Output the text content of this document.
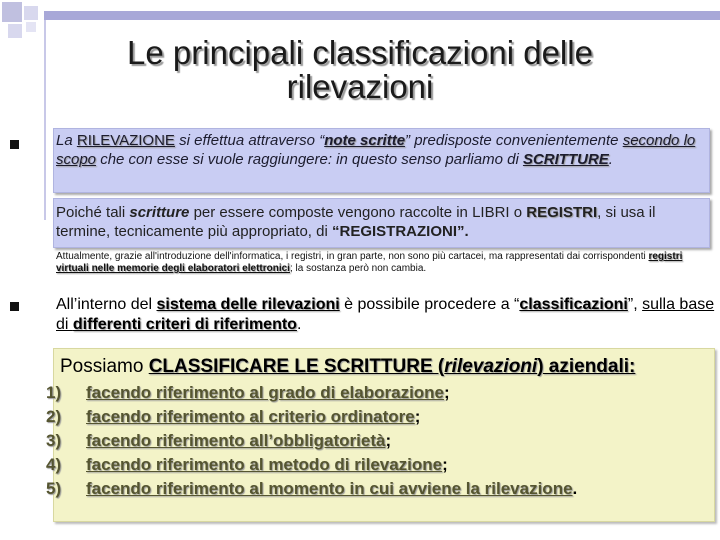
Le principali classificazioni delle
rilevazioni
La RILEVAZIONE si effettua attraverso “note scritte” predisposte convenientemente secondo lo scopo che con esse si vuole raggiungere: in questo senso parliamo di SCRITTURE.
Poiché tali scritture per essere composte vengono raccolte in LIBRI o REGISTRI, si usa il termine, tecnicamente più appropriato, di “REGISTRAZIONI”.
Attualmente, grazie all'introduzione dell'informatica, i registri, in gran parte, non sono più cartacei, ma rappresentati dai corrispondenti registri virtuali nelle memorie degli elaboratori elettronici; la sostanza però non cambia.
All’interno del sistema delle rilevazioni è possibile procedere a “classificazioni”, sulla base di differenti criteri di riferimento.
Possiamo CLASSIFICARE LE SCRITTURE (rilevazioni) aziendali:
1)	facendo riferimento al grado di elaborazione ;
2)	facendo riferimento al criterio ordinatore ;
3)	facendo riferimento all’obbligatorietà ;
4)	facendo riferimento al metodo di rilevazione ;
5)	facendo riferimento al momento in cui avviene la rilevazione .
